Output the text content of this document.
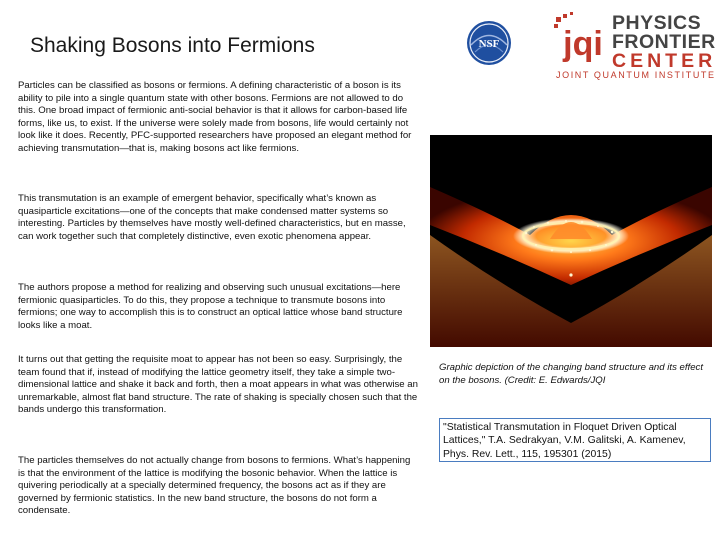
Shaking Bosons into Fermions

Particles can be classified as bosons or fermions. A defining characteristic of a boson is its ability to pile into a single quantum state with other bosons. Fermions are not allowed to do this. One broad impact of fermionic anti-social behavior is that it allows for carbon-based life forms, like us, to exist. If the universe were solely made from bosons, life would certainly not look like it does. Recently, PFC-supported researchers have proposed an elegant method for achieving transmutation—that is, making bosons act like fermions.

This transmutation is an example of emergent behavior, specifically what’s known as quasiparticle excitations—one of the concepts that make condensed matter systems so interesting. Particles by themselves have mostly well-defined characteristics, but en masse, can work together such that completely distinctive, even exotic phenomena appear.

The authors propose a method for realizing and observing such unusual excitations—here fermionic quasiparticles. To do this, they propose a technique to transmute bosons into fermions; one way to accomplish this is to construct an optical lattice whose band structure looks like a moat.

It turns out that getting the requisite moat to appear has not been so easy. Surprisingly, the team found that if, instead of modifying the lattice geometry itself, they take a simple two-dimensional lattice and shake it back and forth, then a moat appears in what was otherwise an unremarkable, almost flat band structure. The rate of shaking is specially chosen such that the bands undergo this transformation.

The particles themselves do not actually change from bosons to fermions. What’s happening is that the environment of the lattice is modifying the bosonic behavior. When the lattice is quivering periodically at a specially determined frequency, the bosons act as if they are governed by fermionic statistics. In the new band structure, the bosons do not form a condensate.

NSF jqi
PHYSICS
FRONTIER
CENTER
JOINT QUANTUM INSTITUTE

Graphic depiction of the changing band structure and its effect on the bosons. (Credit: E. Edwards/JQI

"Statistical Transmutation in Floquet Driven Optical Lattices," T.A. Sedrakyan, V.M. Galitski, A. Kamenev, Phys. Rev. Lett., 115, 195301 (2015)
